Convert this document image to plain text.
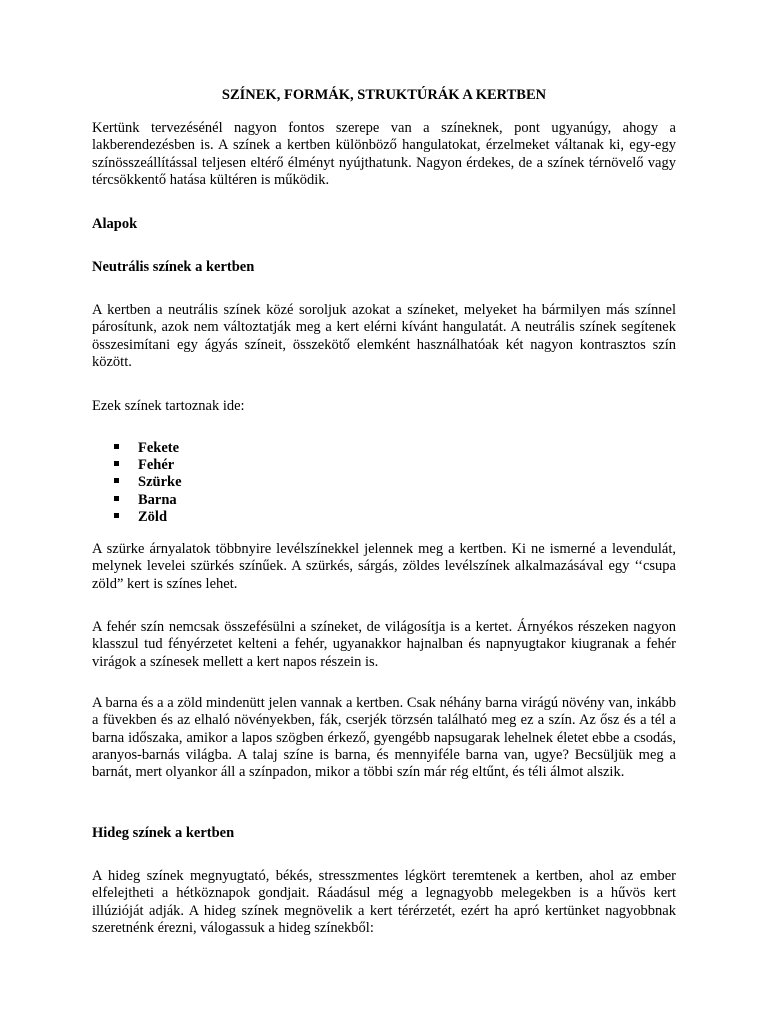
SZÍNEK, FORMÁK, STRUKTÚRÁK A KERTBEN

Kertünk tervezésénél nagyon fontos szerepe van a színeknek, pont ugyanúgy, ahogy a lakberendezésben is. A színek a kertben különböző hangulatokat, érzelmeket váltanak ki, egy-egy színösszeállítással teljesen eltérő élményt nyújthatunk. Nagyon érdekes, de a színek térnövelő vagy tércsökkentő hatása kültéren is működik.

Alapok
Neutrális színek a kertben

A kertben a neutrális színek közé soroljuk azokat a színeket, melyeket ha bármilyen más színnel párosítunk, azok nem változtatják meg a kert elérni kívánt hangulatát. A neutrális színek segítenek összesimítani egy ágyás színeit, összekötő elemként használhatóak két nagyon kontrasztos szín között.

Ezek színek tartoznak ide:

Fekete
Fehér
Szürke
Barna
Zöld

A szürke árnyalatok többnyire levélszínekkel jelennek meg a kertben. Ki ne ismerné a levendulát, melynek levelei szürkés színűek. A szürkés, sárgás, zöldes levélszínek alkalmazásával egy ‘‘csupa zöld” kert is színes lehet.

A fehér szín nemcsak összefésülni a színeket, de világosítja is a kertet. Árnyékos részeken nagyon klasszul tud fényérzetet kelteni a fehér, ugyanakkor hajnalban és napnyugtakor kiugranak a fehér virágok a színesek mellett a kert napos részein is.

A barna és a a zöld mindenütt jelen vannak a kertben. Csak néhány barna virágú növény van, inkább a füvekben és az elhaló növényekben, fák, cserjék törzsén található meg ez a szín. Az ősz és a tél a barna időszaka, amikor a lapos szögben érkező, gyengébb napsugarak lehelnek életet ebbe a csodás, aranyos-barnás világba. A talaj színe is barna, és mennyiféle barna van, ugye? Becsüljük meg a barnát, mert olyankor áll a színpadon, mikor a többi szín már rég eltűnt, és téli álmot alszik.

Hideg színek a kertben

A hideg színek megnyugtató, békés, stresszmentes légkört teremtenek a kertben, ahol az ember elfelejtheti a hétköznapok gondjait. Ráadásul még a legnagyobb melegekben is a hűvös kert illúzióját adják. A hideg színek megnövelik a kert térérzetét, ezért ha apró kertünket nagyobbnak szeretnénk érezni, válogassuk a hideg színekből:
